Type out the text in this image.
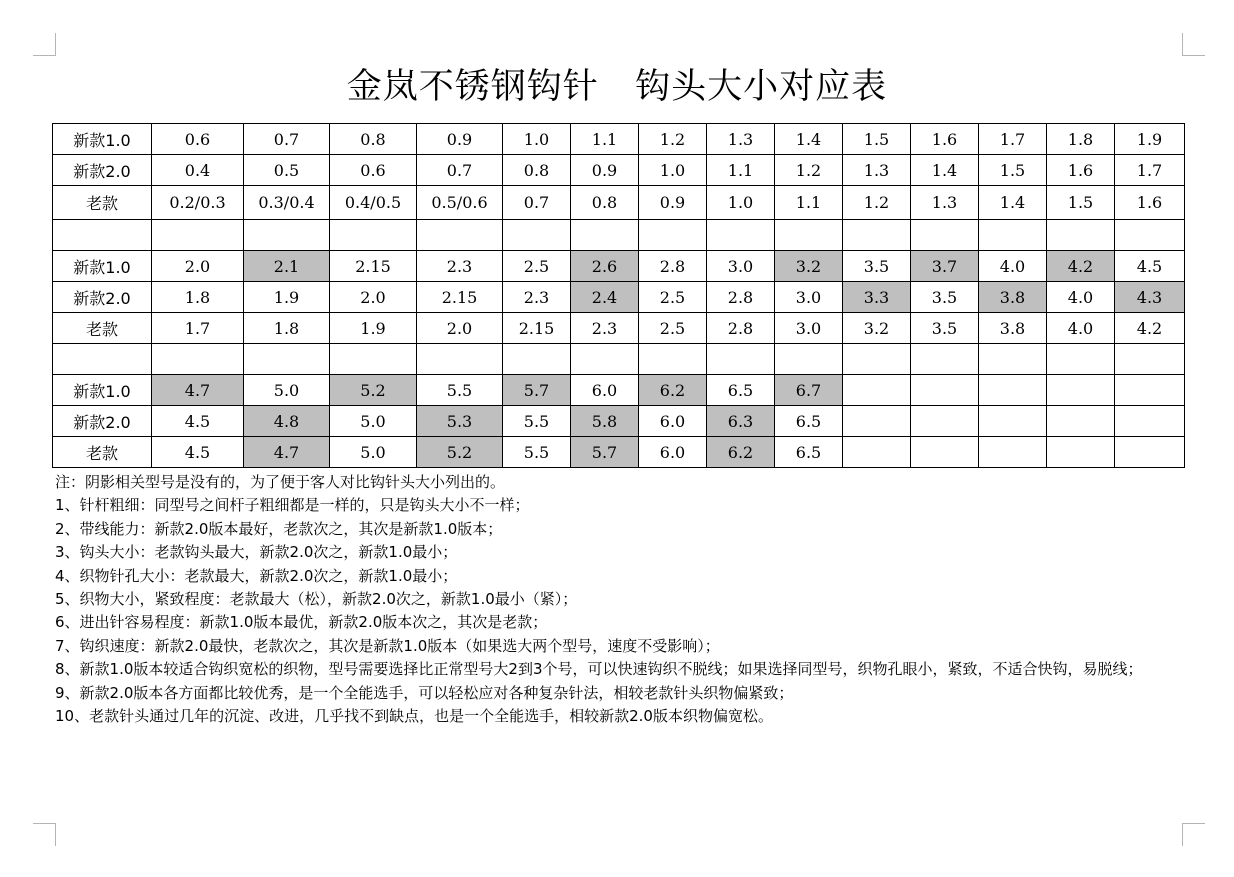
金岚不锈钢钩针   钩头大小对应表
新款1.0	0.6	0.7	0.8	0.9	1.0	1.1	1.2	1.3	1.4	1.5	1.6	1.7	1.8	1.9
新款2.0	0.4	0.5	0.6	0.7	0.8	0.9	1.0	1.1	1.2	1.3	1.4	1.5	1.6	1.7
老款	0.2/0.3	0.3/0.4	0.4/0.5	0.5/0.6	0.7	0.8	0.9	1.0	1.1	1.2	1.3	1.4	1.5	1.6

新款1.0	2.0	2.1	2.15	2.3	2.5	2.6	2.8	3.0	3.2	3.5	3.7	4.0	4.2	4.5
新款2.0	1.8	1.9	2.0	2.15	2.3	2.4	2.5	2.8	3.0	3.3	3.5	3.8	4.0	4.3
老款	1.7	1.8	1.9	2.0	2.15	2.3	2.5	2.8	3.0	3.2	3.5	3.8	4.0	4.2

新款1.0	4.7	5.0	5.2	5.5	5.7	6.0	6.2	6.5	6.7					
新款2.0	4.5	4.8	5.0	5.3	5.5	5.8	6.0	6.3	6.5					
老款	4.5	4.7	5.0	5.2	5.5	5.7	6.0	6.2	6.5					
注：阴影相关型号是没有的，为了便于客人对比钩针头大小列出的。
1、针杆粗细：同型号之间杆子粗细都是一样的，只是钩头大小不一样；
2、带线能力：新款2.0版本最好，老款次之，其次是新款1.0版本；
3、钩头大小：老款钩头最大，新款2.0次之，新款1.0最小；
4、织物针孔大小：老款最大，新款2.0次之，新款1.0最小；
5、织物大小，紧致程度：老款最大（松），新款2.0次之，新款1.0最小（紧）；
6、进出针容易程度：新款1.0版本最优，新款2.0版本次之，其次是老款；
7、钩织速度：新款2.0最快，老款次之，其次是新款1.0版本（如果选大两个型号，速度不受影响）；
8、新款1.0版本较适合钩织宽松的织物，型号需要选择比正常型号大2到3个号，可以快速钩织不脱线；如果选择同型号，织物孔眼小，紧致，不适合快钩，易脱线；
9、新款2.0版本各方面都比较优秀，是一个全能选手，可以轻松应对各种复杂针法，相较老款针头织物偏紧致；
10、老款针头通过几年的沉淀、改进，几乎找不到缺点，也是一个全能选手，相较新款2.0版本织物偏宽松。
